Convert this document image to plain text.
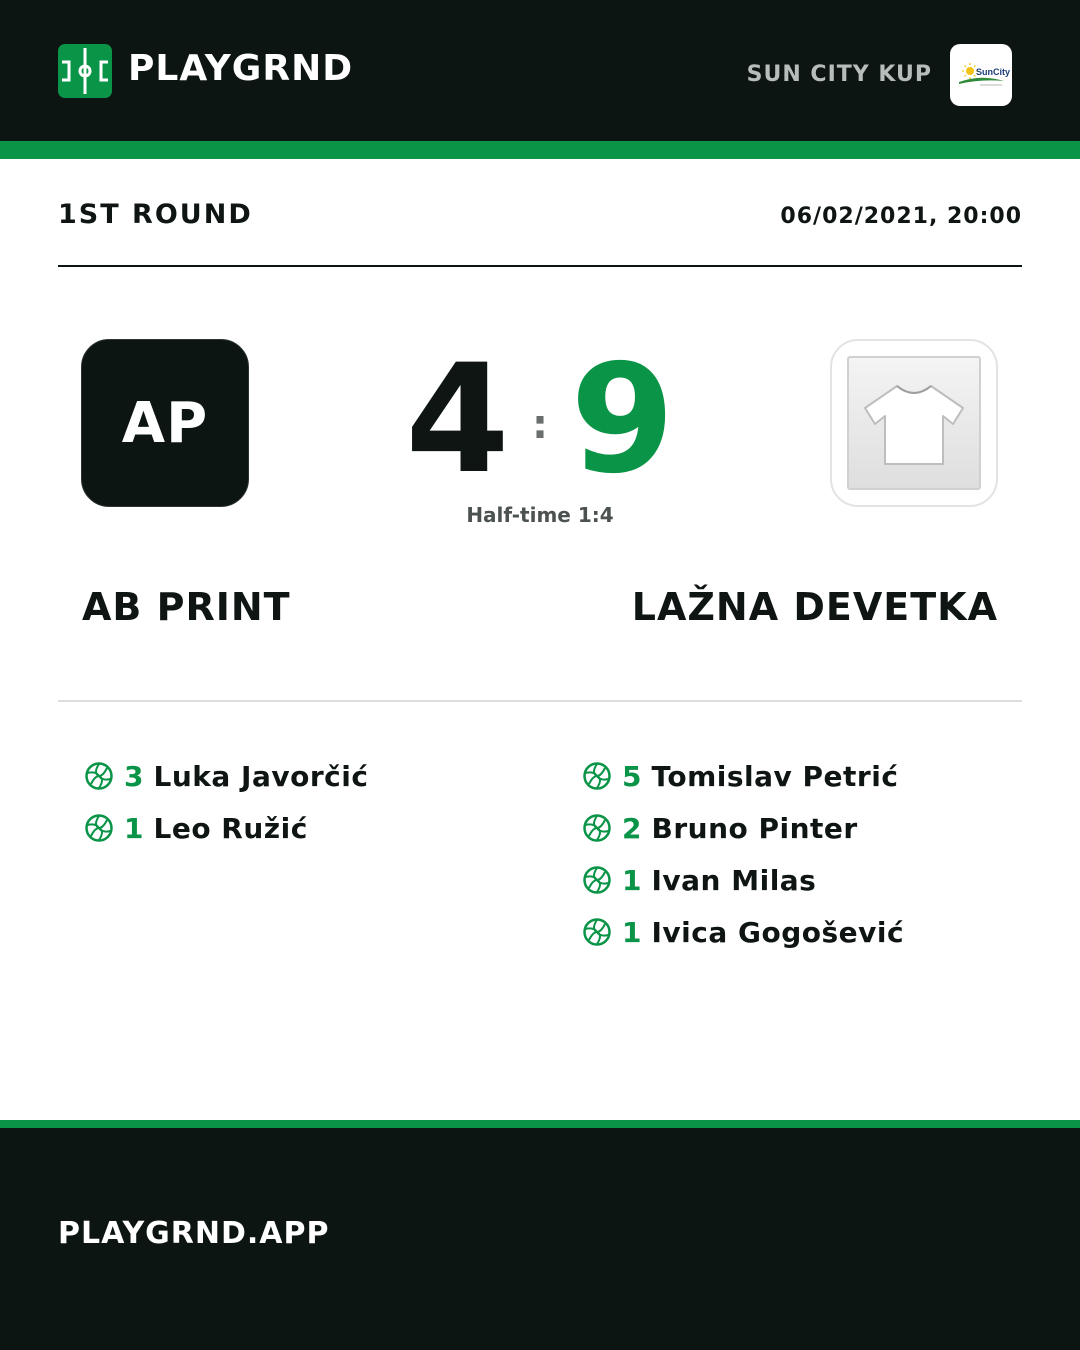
PLAYGRND	SUN CITY KUP	SunCity
1ST ROUND	06/02/2021, 20:00
AP 4 : 9
Half-time 1:4
AB PRINT	LAŽNA DEVETKA
3 Luka Javorčić
1 Leo Ružić
5 Tomislav Petrić
2 Bruno Pinter
1 Ivan Milas
1 Ivica Gogošević
PLAYGRND.APP
